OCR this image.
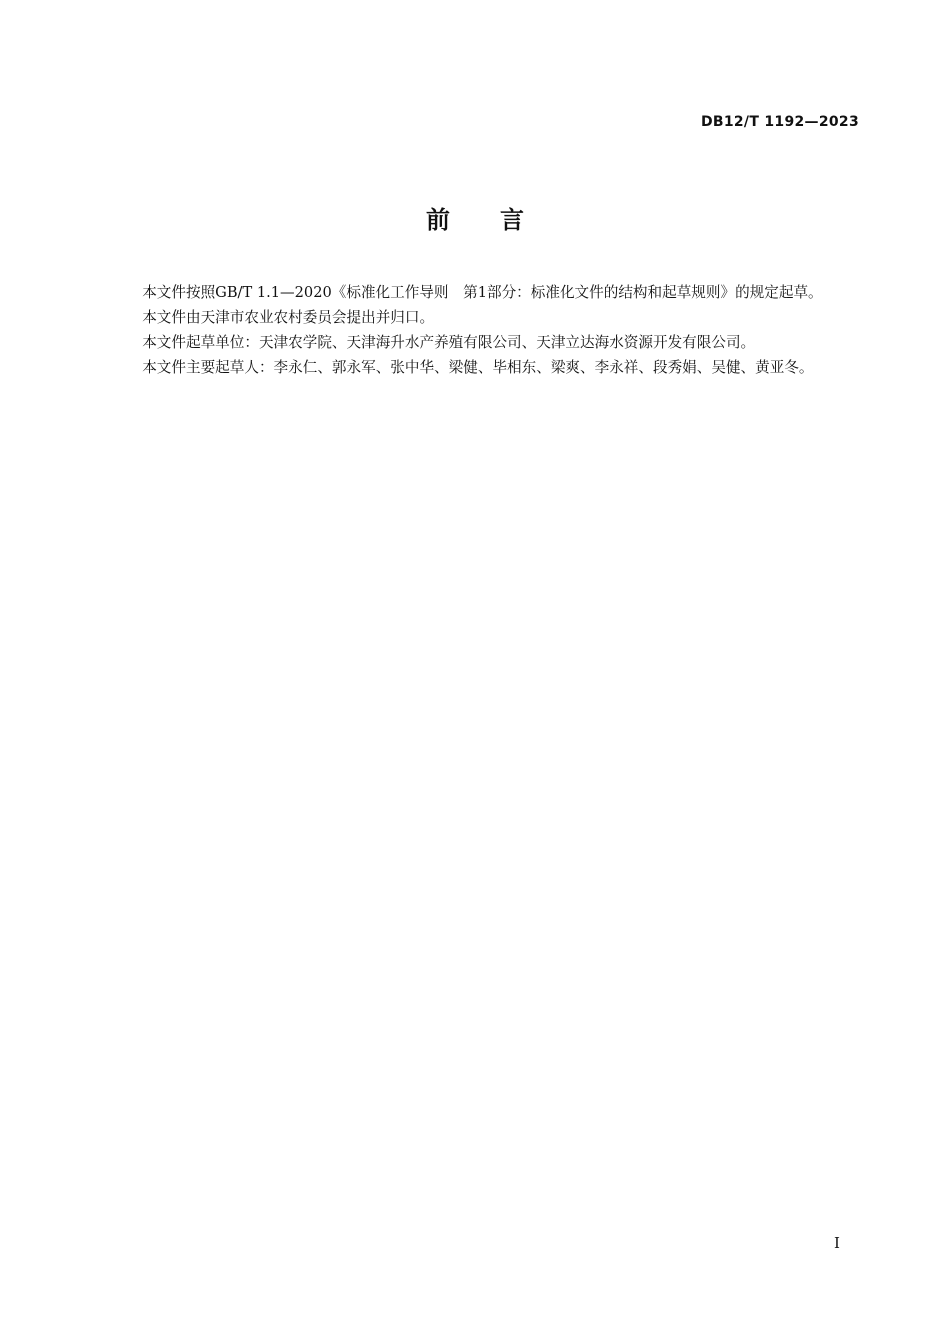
DB12/T 1192—2023
前言

本文件按照GB/T 1.1—2020《标准化工作导则　第1部分：标准化文件的结构和起草规则》的规定起草。

本文件由天津市农业农村委员会提出并归口。

本文件起草单位：天津农学院、天津海升水产养殖有限公司、天津立达海水资源开发有限公司。

本文件主要起草人：李永仁、郭永军、张中华、梁健、毕相东、梁爽、李永祥、段秀娟、吴健、黄亚冬。

I
